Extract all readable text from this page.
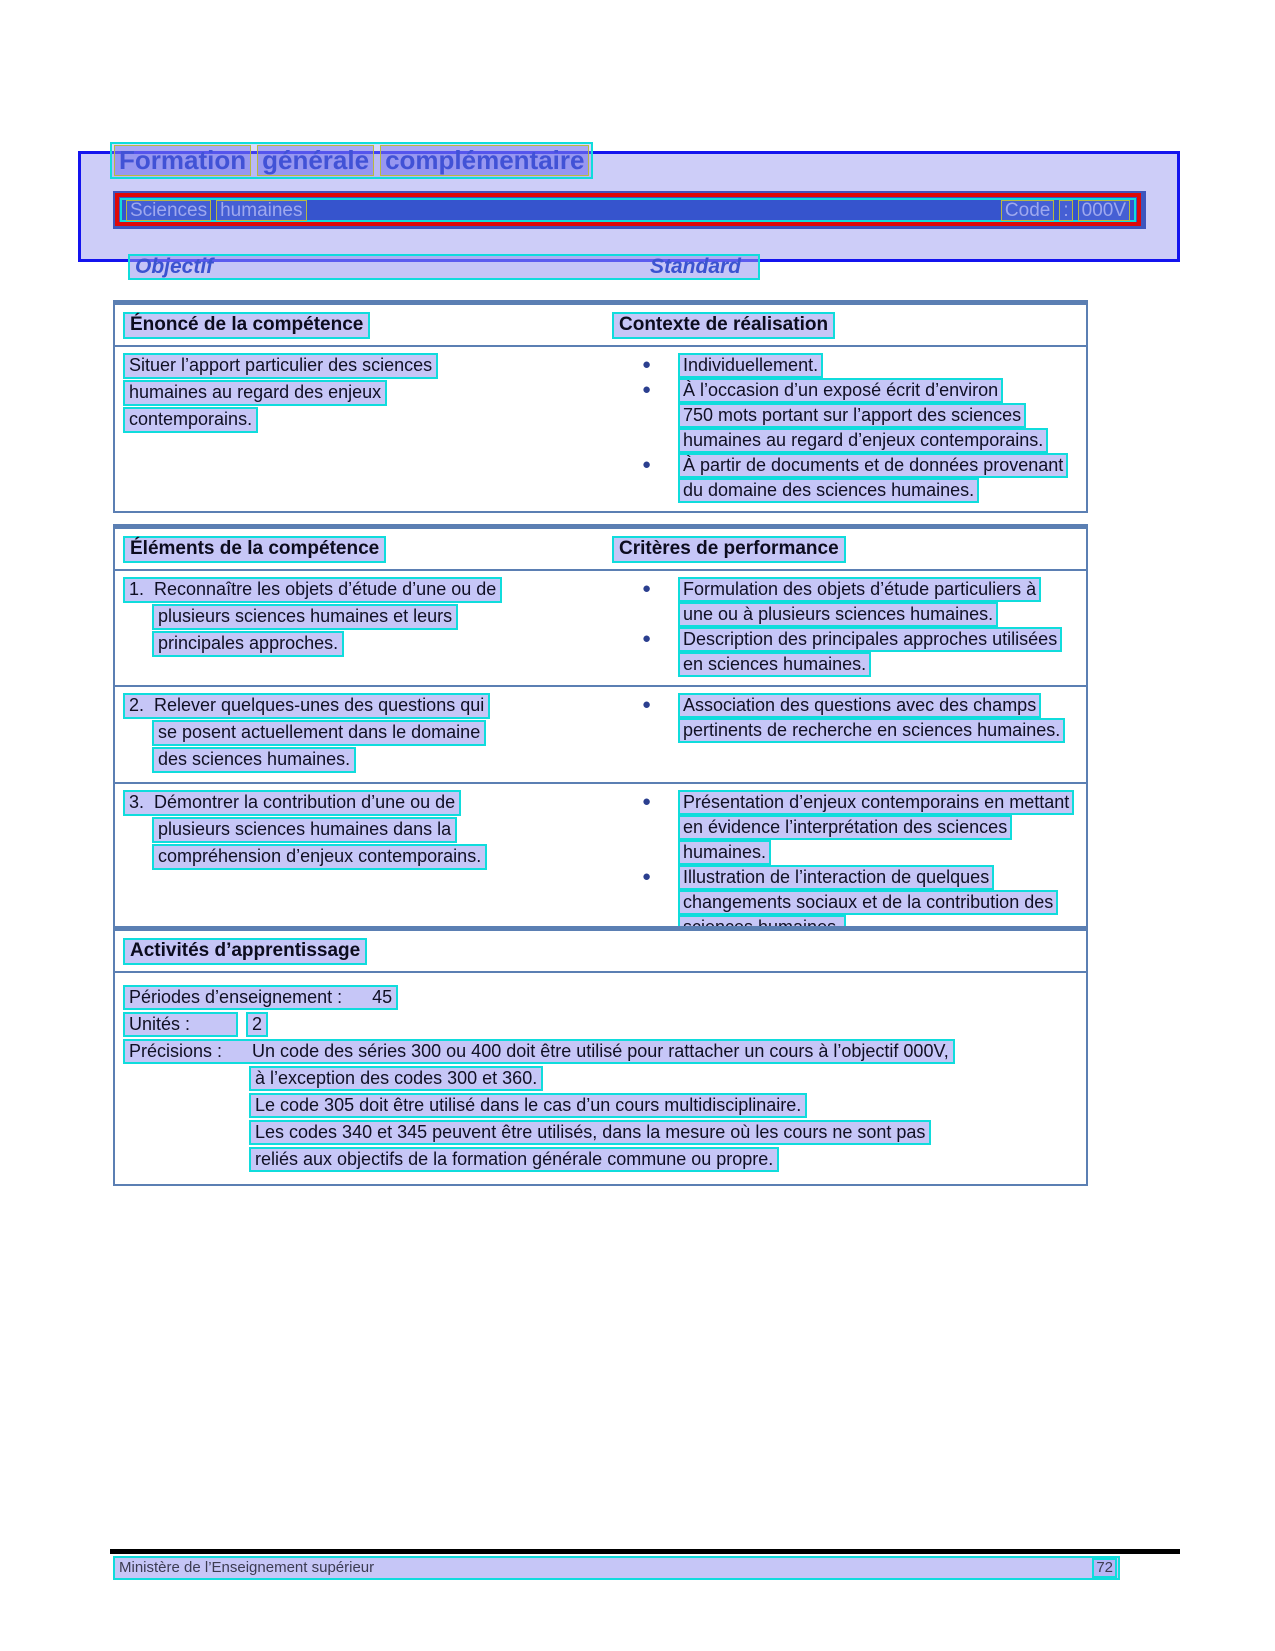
Formation générale complémentaire
Sciences humaines	Code : 000V
Objectif	Standard
Énoncé de la compétence	Contexte de réalisation
Situer l’apport particulier des sciences
humaines au regard des enjeux
contemporains.
●	Individuellement.
●	À l’occasion d’un exposé écrit d’environ
750 mots portant sur l’apport des sciences
humaines au regard d’enjeux contemporains.
●	À partir de documents et de données provenant
du domaine des sciences humaines.
Éléments de la compétence	Critères de performance
1.  Reconnaître les objets d’étude d’une ou de
plusieurs sciences humaines et leurs
principales approches.
●	Formulation des objets d’étude particuliers à
une ou à plusieurs sciences humaines.
●	Description des principales approches utilisées
en sciences humaines.
2.  Relever quelques-unes des questions qui
se posent actuellement dans le domaine
des sciences humaines.
●	Association des questions avec des champs
pertinents de recherche en sciences humaines.
3.  Démontrer la contribution d’une ou de
plusieurs sciences humaines dans la
compréhension d’enjeux contemporains.
●	Présentation d’enjeux contemporains en mettant
en évidence l’interprétation des sciences
humaines.
●	Illustration de l’interaction de quelques
changements sociaux et de la contribution des
Activités d’apprentissage
Périodes d’enseignement : 45
Unités :	2
Précisions : Un code des séries 300 ou 400 doit être utilisé pour rattacher un cours à l’objectif 000V,
à l’exception des codes 300 et 360.
Le code 305 doit être utilisé dans le cas d’un cours multidisciplinaire.
Les codes 340 et 345 peuvent être utilisés, dans la mesure où les cours ne sont pas
reliés aux objectifs de la formation générale commune ou propre.
Ministère de l’Enseignement supérieur	72
